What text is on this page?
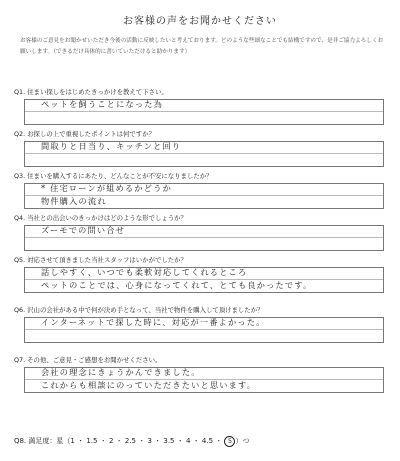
お客様の声をお聞かせください
お客様のご意見をお聞かせいただき今後の活動に反映したいと考えております。どのような些細なことでも結構ですので、是非ご協力よろしくお願いします。（できるだけ具体的に書いていただけると助かります）
Q1. 住まい探しをはじめたきっかけを教えて下さい。
ペットを飼うことになった為
Q2. お探しの上で重視したポイントは何ですか？
間取りと日当り、キッチンと回り
Q3. 住まいを購入するにあたり、どんなことが不安になりましたか？
* 住宅ローンが組めるかどうか
物件購入の流れ
Q4. 当社との出会いのきっかけはどのような形でしょうか？
ズーモでの問い合せ
Q5. 対応させて頂きました当社スタッフはいかがでしたか？
話しやすく、いつでも柔軟対応してくれるところ
ペットのことでは、心身になってくれて、とても良かったです。
Q6. 沢山の会社がある中で何が決め手となって、当社で物件を購入して頂けましたか？
インターネットで探した時に、対応が一番よかった。
Q7. その他、ご意見・ご感想をお聞かせください。
会社の理念にきょうかんできました。
これからも相談にのっていただきたいと思います。
Q8. 満足度：星（1 ・ 1.5 ・ 2 ・ 2.5 ・ 3 ・ 3.5 ・ 4 ・ 4.5 ・ 5 ）つ
